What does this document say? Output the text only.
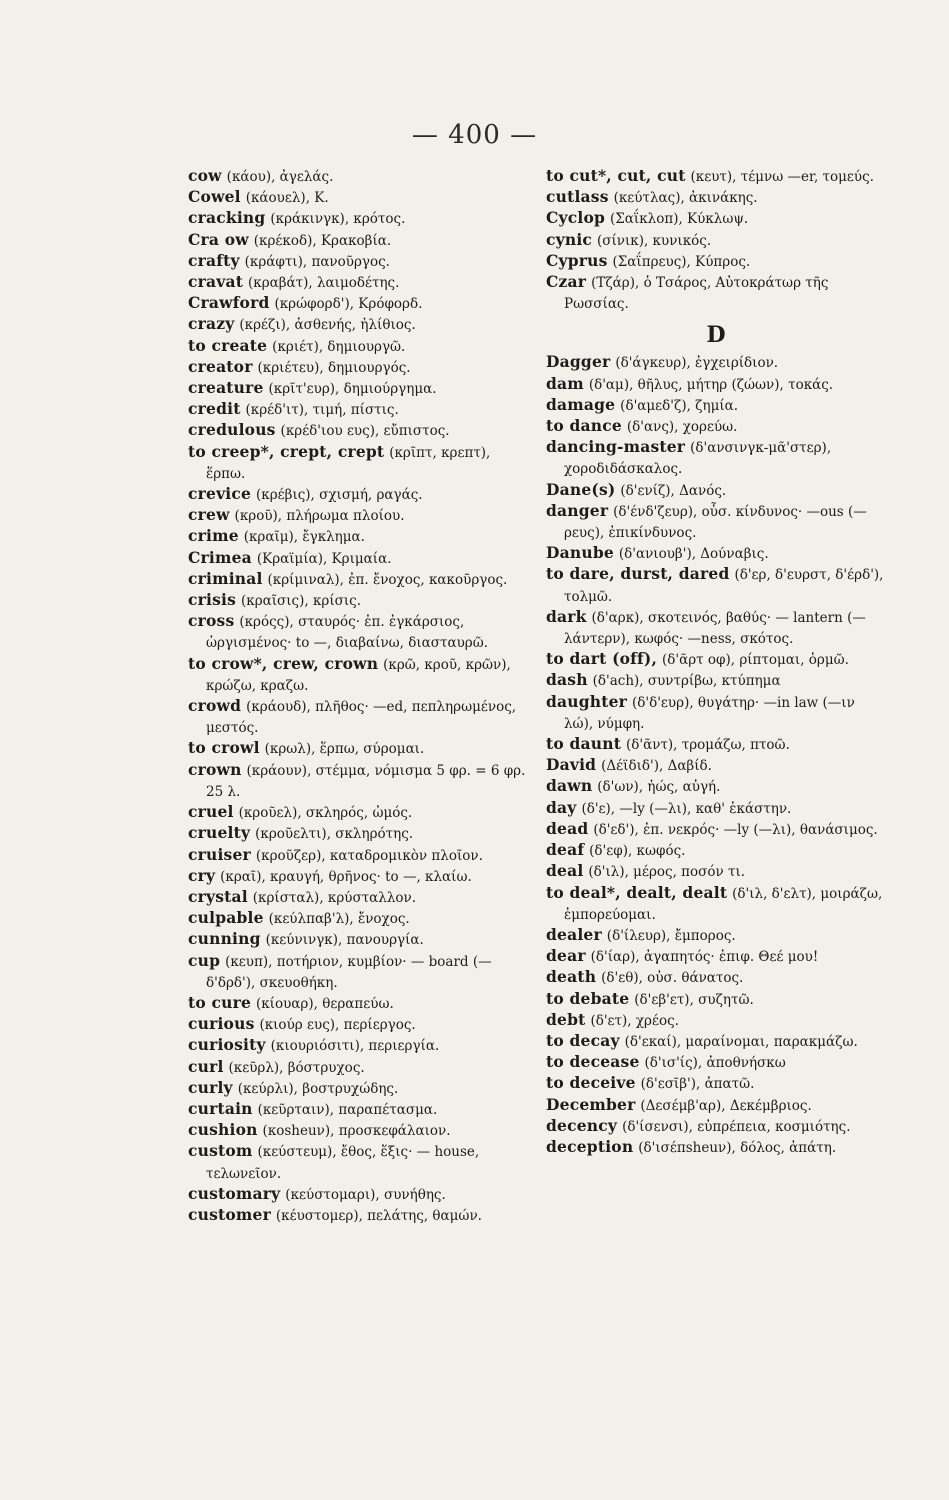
— 400 —

cow (κάου), ἀγελάς.

Cowel (κάουελ), Κ.

cracking (κράκινγκ), κρότος.

Cra ow (κρέκοδ), Κρακοβία.

crafty (κράφτι), πανοῦργος.

cravat (κραβάτ), λαιμοδέτης.

Crawford (κρώφορδ'), Κρόφορδ.

crazy (κρέζι), ἀσθενής, ἠλίθιος.

to create (κριέτ), δημιουργῶ.

creator (κριέτευ), δημιουργός.

creature (κρῖτ'ευρ), δημιούργημα.

credit (κρέδ'ιτ), τιμή, πίστις.

credulous (κρέδ'ιου ευς), εὔπιστος.

to creep*, crept, crept (κρῖπτ, κρεπτ), ἕρπω.

crevice (κρέβις), σχισμή, ραγάς.

crew (κροῦ), πλήρωμα πλοίου.

crime (κραῖμ), ἔγκλημα.

Crimea (Κραϊμία), Κριμαία.

criminal (κρίμιναλ), ἐπ. ἔνοχος, κακοῦργος.

crisis (κραῖσις), κρίσις.

cross (κρόςς), σταυρός· ἐπ. ἐγκάρσιος, ὡργισμένος· to —, διαβαίνω, διασταυρῶ.

to crow*, crew, crown (κρῶ, κροῦ, κρῶν), κρώζω, κραζω.

crowd (κράουδ), πλῆθος· —ed, πεπληρωμένος, μεστός.

to crowl (κρωλ), ἕρπω, σύρομαι.

crown (κράουν), στέμμα, νόμισμα 5 φρ. = 6 φρ. 25 λ.

cruel (κροῦελ), σκληρός, ὠμός.

cruelty (κροῦελτι), σκληρότης.

cruiser (κροῦζερ), καταδρομικὸν πλοῖον.

cry (κραῖ), κραυγή, θρῆνος· to —, κλαίω.

crystal (κρίσταλ), κρύσταλλον.

culpable (κεύλπαβ'λ), ἔνοχος.

cunning (κεύνινγκ), πανουργία.

cup (κευπ), ποτήριον, κυμβίον· — board (—δ'δρδ'), σκευοθήκη.

to cure (κίουαρ), θεραπεύω.

curious (κιούρ ευς), περίεργος.

curiosity (κιουριόσιτι), περιεργία.

curl (κεῦρλ), βόστρυχος.

curly (κεύρλι), βοστρυχώδης.

curtain (κεῦρταιν), παραπέτασμα.

cushion (κοsheuν), προσκεφάλαιον.

custom (κεύστευμ), ἔθος, ἕξις· — house, τελωνεῖον.

customary (κεύστομαρι), συνήθης.

customer (κέυστομερ), πελάτης, θαμών.

to cut*, cut, cut (κευτ), τέμνω —er, τομεύς.

cutlass (κεύτλας), ἀκινάκης.

Cyclop (Σαΐκλοπ), Κύκλωψ.

cynic (σίνικ), κυνικός.

Cyprus (Σαΐπρευς), Κύπρος.

Czar (Τζάρ), ὁ Τσάρος, Αὐτοκράτωρ τῆς Ρωσσίας.

D

Dagger (δ'άγκευρ), ἐγχειρίδιον.

dam (δ'αμ), θῆλυς, μήτηρ (ζώων), τοκάς.

damage (δ'αμεδ'ζ), ζημία.

to dance (δ'ανς), χορεύω.

dancing-master (δ'ανσινγκ-μᾶ'στερ), χοροδιδάσκαλος.

Dane(s) (δ'ενίζ), Δανός.

danger (δ'ένδ'ζευρ), οὖσ. κίνδυνος· —ous (—ρευς), ἐπικίνδυνος.

Danube (δ'ανιουβ'), Δούναβις.

to dare, durst, dared (δ'ερ, δ'ευρστ, δ'έρδ'), τολμῶ.

dark (δ'αρκ), σκοτεινός, βαθύς· — lantern (—λάντερν), κωφός· —ness, σκότος.

to dart (off), (δ'ᾶρτ οφ), ρίπτομαι, ὁρμῶ.

dash (δ'ach), συντρίβω, κτύπημα

daughter (δ'δ'ευρ), θυγάτηρ· —in law (—ιν λώ), νύμφη.

to daunt (δ'ᾶντ), τρομάζω, πτοῶ.

David (Δέϊδιδ'), Δαβίδ.

dawn (δ'ων), ἠώς, αὐγή.

day (δ'ε), —ly (—λι), καθ' ἑκάστην.

dead (δ'εδ'), ἐπ. νεκρός· —ly (—λι), θανάσιμος.

deaf (δ'εφ), κωφός.

deal (δ'ιλ), μέρος, ποσόν τι.

to deal*, dealt, dealt (δ'ιλ, δ'ελτ), μοιράζω, ἐμπορεύομαι.

dealer (δ'ίλευρ), ἔμπορος.

dear (δ'ίαρ), ἀγαπητός· ἐπιφ. Θεέ μου!

death (δ'εθ), οὐσ. θάνατος.

to debate (δ'εβ'ετ), συζητῶ.

debt (δ'ετ), χρέος.

to decay (δ'εκαί), μαραίνομαι, παρακμάζω.

to decease (δ'ισ'ίς), ἀποθνήσκω

to deceive (δ'εσῖβ'), ἀπατῶ.

December (Δεσέμβ'αρ), Δεκέμβριος.

decency (δ'ίσενσι), εὐπρέπεια, κοσμιότης.

deception (δ'ισέπsheuν), δόλος, ἀπάτη.
